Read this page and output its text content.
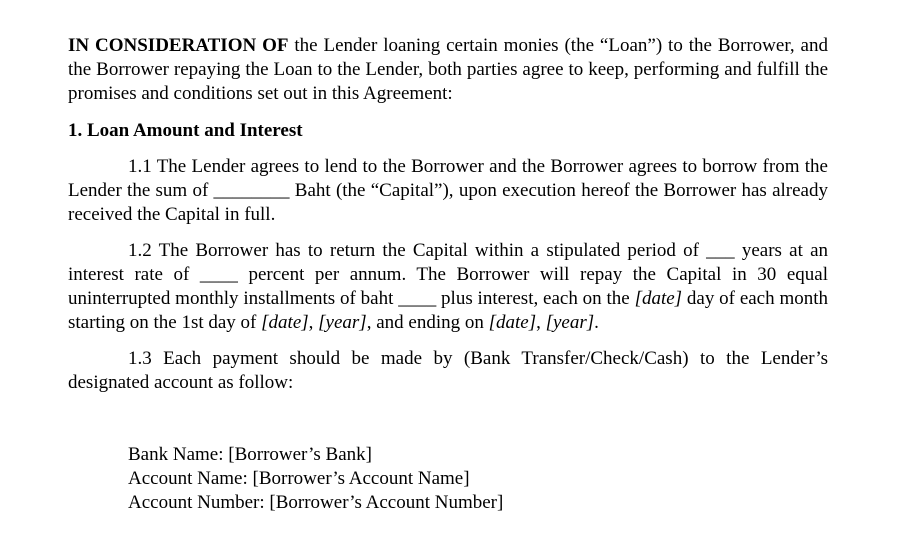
IN CONSIDERATION OF the Lender loaning certain monies (the “Loan”) to the Borrower, and the Borrower repaying the Loan to the Lender, both parties agree to keep, performing and fulfill the promises and conditions set out in this Agreement:

1. Loan Amount and Interest

1.1 The Lender agrees to lend to the Borrower and the Borrower agrees to borrow from the Lender the sum of ________ Baht (the “Capital”), upon execution hereof the Borrower has already received the Capital in full.

1.2 The Borrower has to return the Capital within a stipulated period of ___ years at an interest rate of ____ percent per annum. The Borrower will repay the Capital in 30 equal uninterrupted monthly installments of baht ____ plus interest, each on the [date] day of each month starting on the 1st day of [date], [year], and ending on [date], [year].

1.3 Each payment should be made by (Bank Transfer/Check/Cash) to the Lender’s designated account as follow:

Bank Name: [Borrower’s Bank]
Account Name: [Borrower’s Account Name]
Account Number: [Borrower’s Account Number]
